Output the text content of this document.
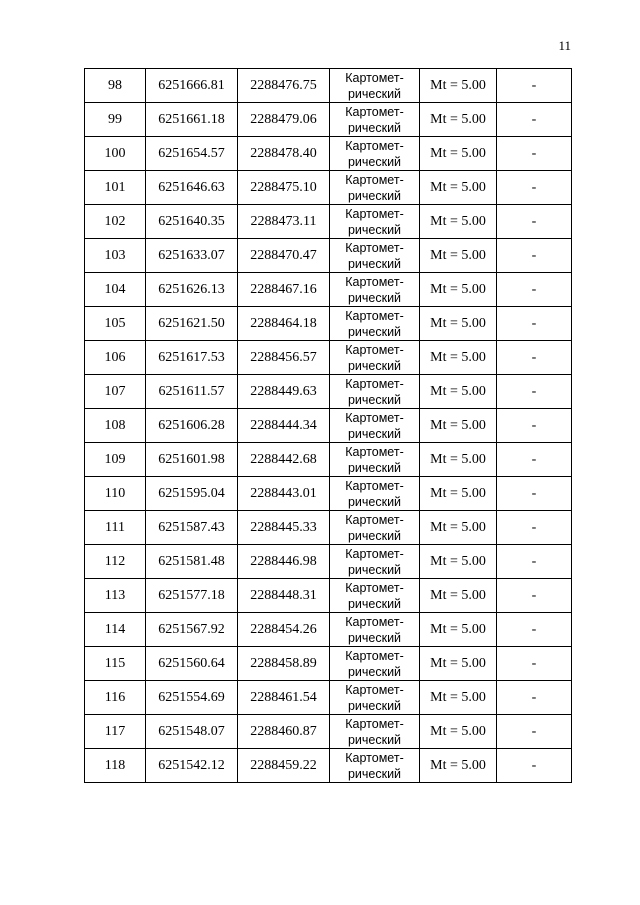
11
98	6251666.81	2288476.75	Картомет-
рический	Mt = 5.00	-
99	6251661.18	2288479.06	Картомет-
рический	Mt = 5.00	-
100	6251654.57	2288478.40	Картомет-
рический	Mt = 5.00	-
101	6251646.63	2288475.10	Картомет-
рический	Mt = 5.00	-
102	6251640.35	2288473.11	Картомет-
рический	Mt = 5.00	-
103	6251633.07	2288470.47	Картомет-
рический	Mt = 5.00	-
104	6251626.13	2288467.16	Картомет-
рический	Mt = 5.00	-
105	6251621.50	2288464.18	Картомет-
рический	Mt = 5.00	-
106	6251617.53	2288456.57	Картомет-
рический	Mt = 5.00	-
107	6251611.57	2288449.63	Картомет-
рический	Mt = 5.00	-
108	6251606.28	2288444.34	Картомет-
рический	Mt = 5.00	-
109	6251601.98	2288442.68	Картомет-
рический	Mt = 5.00	-
110	6251595.04	2288443.01	Картомет-
рический	Mt = 5.00	-
111	6251587.43	2288445.33	Картомет-
рический	Mt = 5.00	-
112	6251581.48	2288446.98	Картомет-
рический	Mt = 5.00	-
113	6251577.18	2288448.31	Картомет-
рический	Mt = 5.00	-
114	6251567.92	2288454.26	Картомет-
рический	Mt = 5.00	-
115	6251560.64	2288458.89	Картомет-
рический	Mt = 5.00	-
116	6251554.69	2288461.54	Картомет-
рический	Mt = 5.00	-
117	6251548.07	2288460.87	Картомет-
рический	Mt = 5.00	-
118	6251542.12	2288459.22	Картомет-
рический	Mt = 5.00	-
